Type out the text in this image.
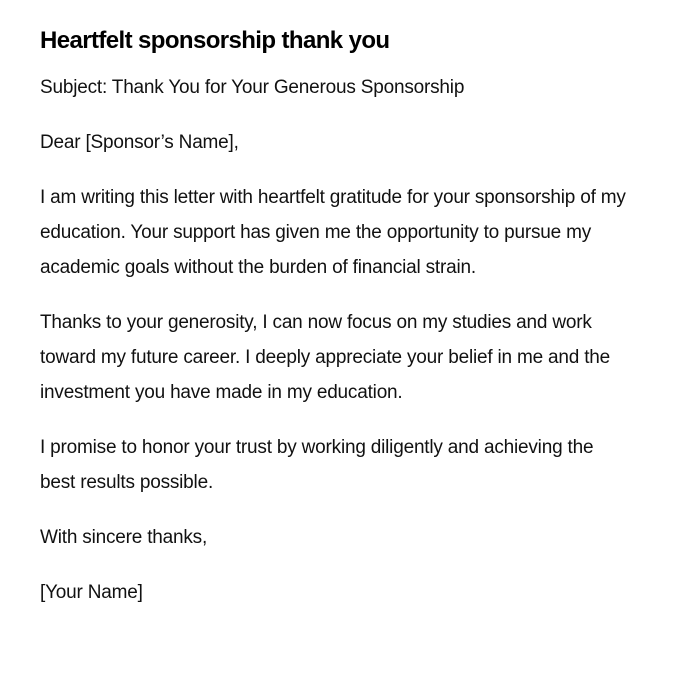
Heartfelt sponsorship thank you

Subject: Thank You for Your Generous Sponsorship

Dear [Sponsor’s Name],

I am writing this letter with heartfelt gratitude for your sponsorship of my education. Your support has given me the opportunity to pursue my academic goals without the burden of financial strain.

Thanks to your generosity, I can now focus on my studies and work toward my future career. I deeply appreciate your belief in me and the investment you have made in my education.

I promise to honor your trust by working diligently and achieving the best results possible.

With sincere thanks,

[Your Name]
